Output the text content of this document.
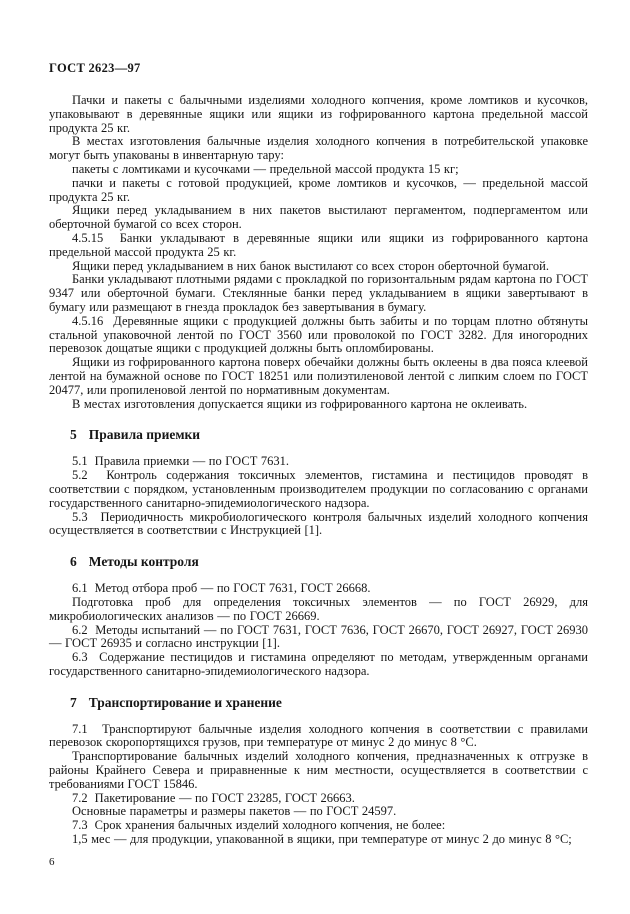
ГОСТ 2623—97

Пачки и пакеты с балычными изделиями холодного копчения, кроме ломтиков и кусочков, упаковывают в деревянные ящики или ящики из гофрированного картона предельной массой продукта 25 кг.

В местах изготовления балычные изделия холодного копчения в потребительской упаковке могут быть упакованы в инвентарную тару:

пакеты с ломтиками и кусочками — предельной массой продукта 15 кг;

пачки и пакеты с готовой продукцией, кроме ломтиков и кусочков, — предельной массой продукта 25 кг.

Ящики перед укладыванием в них пакетов выстилают пергаментом, подпергаментом или оберточной бумагой со всех сторон.

4.5.15  Банки укладывают в деревянные ящики или ящики из гофрированного картона предельной массой продукта 25 кг.

Ящики перед укладыванием в них банок выстилают со всех сторон оберточной бумагой.

Банки укладывают плотными рядами с прокладкой по горизонтальным рядам картона по ГОСТ 9347 или оберточной бумаги. Стеклянные банки перед укладыванием в ящики завертывают в бумагу или размещают в гнезда прокладок без завертывания в бумагу.

4.5.16  Деревянные ящики с продукцией должны быть забиты и по торцам плотно обтянуты стальной упаковочной лентой по ГОСТ 3560 или проволокой по ГОСТ 3282. Для иногородних перевозок дощатые ящики с продукцией должны быть опломбированы.

Ящики из гофрированного картона поверх обечайки должны быть оклеены в два пояса клеевой лентой на бумажной основе по ГОСТ 18251 или полиэтиленовой лентой с липким слоем по ГОСТ 20477, или пропиленовой лентой по нормативным документам.

В местах изготовления допускается ящики из гофрированного картона не оклеивать.

5 Правила приемки

5.1  Правила приемки — по ГОСТ 7631.

5.2  Контроль содержания токсичных элементов, гистамина и пестицидов проводят в соответствии с порядком, установленным производителем продукции по согласованию с органами государственного санитарно-эпидемиологического надзора.

5.3  Периодичность микробиологического контроля балычных изделий холодного копчения осуществляется в соответствии с Инструкцией [1].

6 Методы контроля

6.1  Метод отбора проб — по ГОСТ 7631, ГОСТ 26668.

Подготовка проб для определения токсичных элементов — по ГОСТ 26929, для микробиологических анализов — по ГОСТ 26669.

6.2  Методы испытаний — по ГОСТ 7631, ГОСТ 7636, ГОСТ 26670, ГОСТ 26927, ГОСТ 26930 — ГОСТ 26935 и согласно инструкции [1].

6.3  Содержание пестицидов и гистамина определяют по методам, утвержденным органами государственного санитарно-эпидемиологического надзора.

7 Транспортирование и хранение

7.1  Транспортируют балычные изделия холодного копчения в соответствии с правилами перевозок скоропортящихся грузов, при температуре от минус 2 до минус 8 °С.

Транспортирование балычных изделий холодного копчения, предназначенных к отгрузке в районы Крайнего Севера и приравненные к ним местности, осуществляется в соответствии с требованиями ГОСТ 15846.

7.2  Пакетирование — по ГОСТ 23285, ГОСТ 26663.

Основные параметры и размеры пакетов — по ГОСТ 24597.

7.3  Срок хранения балычных изделий холодного копчения, не более:

1,5 мес — для продукции, упакованной в ящики, при температуре от минус 2 до минус 8 °С;

6
